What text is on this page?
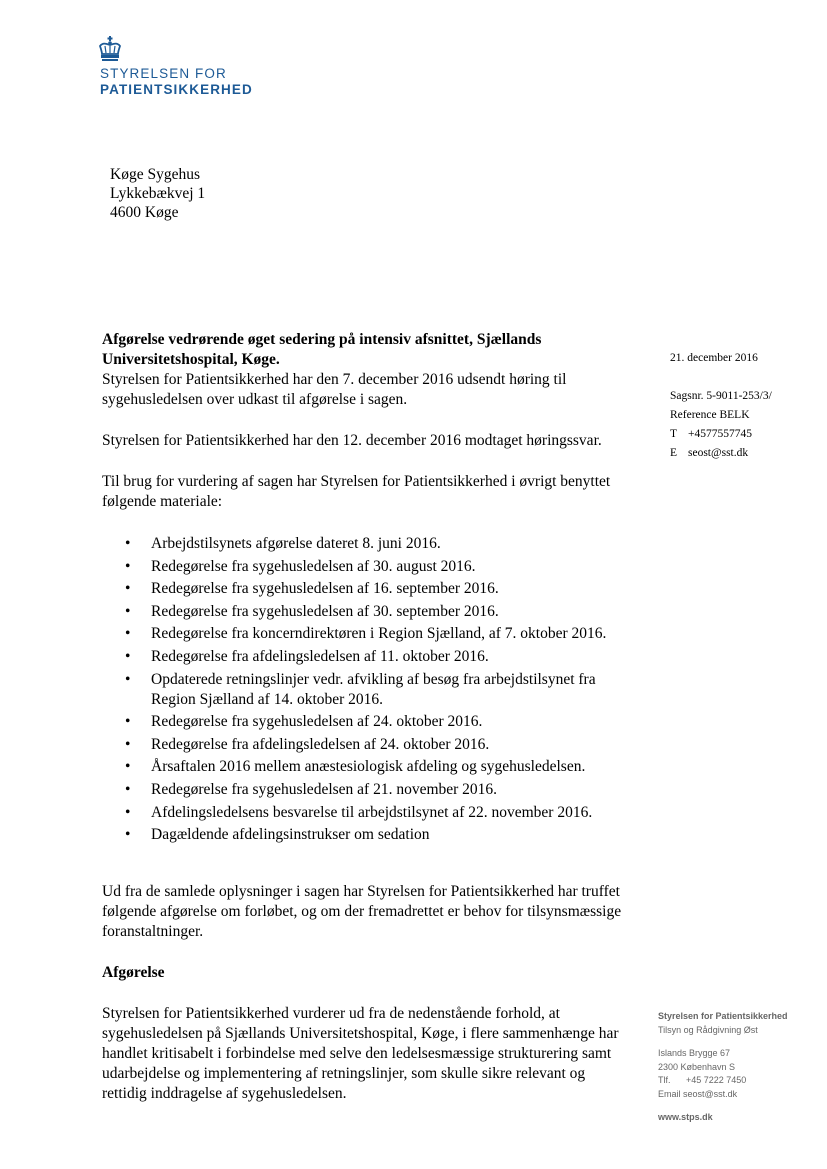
STYRELSEN FOR
PATIENTSIKKERHED
Køge Sygehus
Lykkebækvej 1
4600 Køge

Afgørelse vedrørende øget sedering på intensiv afsnittet, Sjællands Universitetshospital, Køge.

Styrelsen for Patientsikkerhed har den 7. december 2016 udsendt høring til sygehusledelsen over udkast til afgørelse i sagen.

Styrelsen for Patientsikkerhed har den 12. december 2016 modtaget høringssvar.

Til brug for vurdering af sagen har Styrelsen for Patientsikkerhed i øvrigt benyttet følgende materiale:

• Arbejdstilsynets afgørelse dateret 8. juni 2016.
• Redegørelse fra sygehusledelsen af 30. august 2016.
• Redegørelse fra sygehusledelsen af 16. september 2016.
• Redegørelse fra sygehusledelsen af 30. september 2016.
• Redegørelse fra koncerndirektøren i Region Sjælland, af 7. oktober 2016.
• Redegørelse fra afdelingsledelsen af 11. oktober 2016.
• Opdaterede retningslinjer vedr. afvikling af besøg fra arbejdstilsynet fra Region Sjælland af 14. oktober 2016.
• Redegørelse fra sygehusledelsen af 24. oktober 2016.
• Redegørelse fra afdelingsledelsen af 24. oktober 2016.
• Årsaftalen 2016 mellem anæstesiologisk afdeling og sygehusledelsen.
• Redegørelse fra sygehusledelsen af 21. november 2016.
• Afdelingsledelsens besvarelse til arbejdstilsynet af 22. november 2016.
• Dagældende afdelingsinstrukser om sedation

Ud fra de samlede oplysninger i sagen har Styrelsen for Patientsikkerhed har truffet følgende afgørelse om forløbet, og om der fremadrettet er behov for tilsynsmæssige foranstaltninger.

Afgørelse

Styrelsen for Patientsikkerhed vurderer ud fra de nedenstående forhold, at sygehusledelsen på Sjællands Universitetshospital, Køge, i flere sammenhænge har handlet kritisabelt i forbindelse med selve den ledelsesmæssige strukturering samt udarbejdelse og implementering af retningslinjer, som skulle sikre relevant og rettidig inddragelse af sygehusledelsen.

21. december 2016
Sagsnr. 5-9011-253/3/
Reference BELK
T +4577557745
E seost@sst.dk
Styrelsen for Patientsikkerhed
Tilsyn og Rådgivning Øst
Islands Brygge 67
2300 København S
Tlf. +45 7222 7450
Email seost@sst.dk
www.stps.dk
